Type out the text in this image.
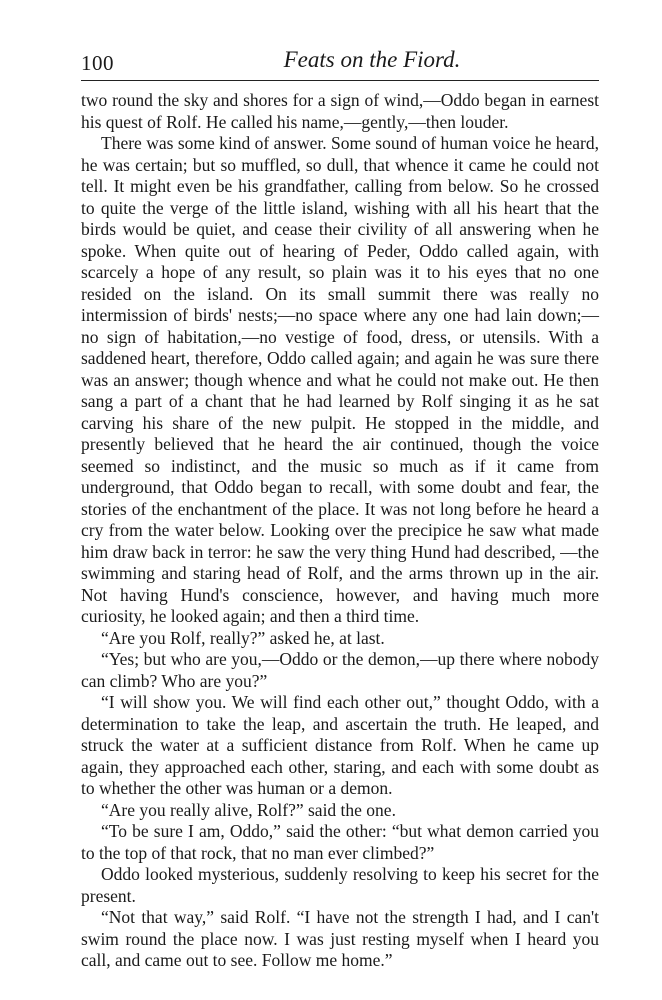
100	Feats on the Fiord.

two round the sky and shores for a sign of wind,—Oddo began in earnest his quest of Rolf. He called his name,—gently,—then louder.

There was some kind of answer. Some sound of human voice he heard, he was certain; but so muffled, so dull, that whence it came he could not tell. It might even be his grandfather, calling from below. So he crossed to quite the verge of the little island, wishing with all his heart that the birds would be quiet, and cease their civility of all answering when he spoke. When quite out of hearing of Peder, Oddo called again, with scarcely a hope of any result, so plain was it to his eyes that no one resided on the island. On its small summit there was really no intermission of birds' nests;—no space where any one had lain down;—no sign of habitation,—no vestige of food, dress, or utensils. With a saddened heart, therefore, Oddo called again; and again he was sure there was an answer; though whence and what he could not make out. He then sang a part of a chant that he had learned by Rolf singing it as he sat carving his share of the new pulpit. He stopped in the middle, and presently believed that he heard the air continued, though the voice seemed so indistinct, and the music so much as if it came from underground, that Oddo began to recall, with some doubt and fear, the stories of the enchantment of the place. It was not long before he heard a cry from the water below. Looking over the precipice he saw what made him draw back in terror: he saw the very thing Hund had described, —the swimming and staring head of Rolf, and the arms thrown up in the air. Not having Hund's conscience, however, and having much more curiosity, he looked again; and then a third time.

“Are you Rolf, really?” asked he, at last.

“Yes; but who are you,—Oddo or the demon,—up there where nobody can climb? Who are you?”

“I will show you. We will find each other out,” thought Oddo, with a determination to take the leap, and ascertain the truth. He leaped, and struck the water at a sufficient distance from Rolf. When he came up again, they approached each other, staring, and each with some doubt as to whether the other was human or a demon.

“Are you really alive, Rolf?” said the one.

“To be sure I am, Oddo,” said the other: “but what demon carried you to the top of that rock, that no man ever climbed?”

Oddo looked mysterious, suddenly resolving to keep his secret for the present.

“Not that way,” said Rolf. “I have not the strength I had, and I can't swim round the place now. I was just resting myself when I heard you call, and came out to see. Follow me home.”
